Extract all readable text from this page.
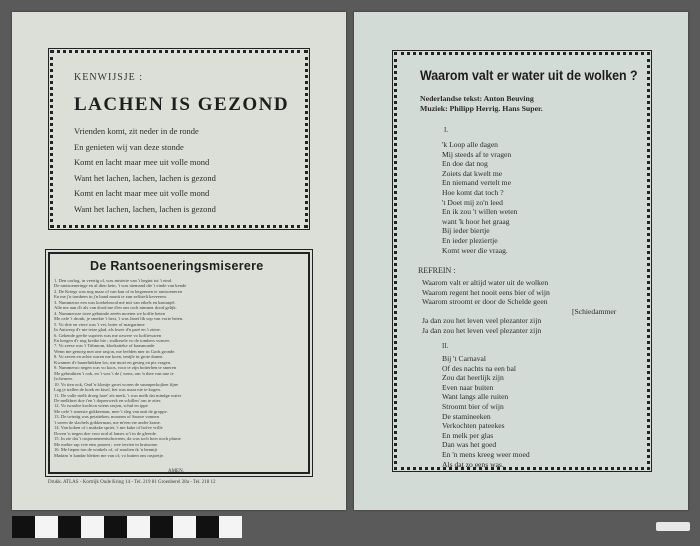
KENWIJSJE :
LACHEN IS GEZOND
Vrienden komt, zit neder in de ronde
En genieten wij van deze stonde
Komt en lacht maar mee uit volle mond
Want het lachen, lachen, lachen is gezond
Komt en lacht maar mee uit volle mond
Want het lachen, lachen, lachen is gezond
De Rantsoeneringsmiserere
1. Den oorlog, in veertig ol, was mistetie van 't begint tot 't eind.
De rantsoeneringe en al dien kein, 't was niemand die 't einde van kende
2. De Kriegs was nog maar ol van kan of m begonnen te rantsoeneren
En me j'n tombees in j'n hand monit te zun zelfstelt keveeren.
3. Nummeroz een was koekebrood mé mit van eikels en kastanjel.
Alle me aan d'r als van dood me d'en ons toch nimmer dood gelijk.
4. Nummeroze twee gebuinde zeeën moeten we koffie heten
Me oefe 't dronk, je smekte 't best, 't was Janet lik sop van vorte heten.
5. Vo drie en viere was 't vet, boter of margarinne
In Antwerp d'r nie teize glad, als kwee d'n paré en 't ziene.
6. Gekende geefte supriets was me ozwere vo koffiewaren
En kregen d'r nog kreike bie ; stafkesele vo de tombers vunvee.
7. Vo zeese was 't Tithmom, kloekatieke of kaasmonde
Wenn me genoeg met one rasjon, me leefden mer in Gods gronde.
8. Vo zeven en achte waren me koen, tenijle in grote dunen
Kwamen d'r haaerlinkken los, me moet en gesteg en pis vragen.
9. Nummeroo negen was vo koos, voor te zijn botterhen te smeren
Me gebruikten 't ook, en 't was 't de ( wens, om 'n thee van nue te
[scheuren.
10. Vo tien ook, Ond 'n klontje groet woren de suumperkojken fijne
Lag je trallen de koek en kisol, het was maar nie te kogen.
11. De vulle melk droeg hare' als merk, 't was melk dat mindge water
De melkbret doe t'en 't doperrwerk en schillen' om te ziter.
12. Vo twaalve kochtcn wiens rasjon, schul en ippe
Me oefe 't smerste gokkerman, mee 't sleg van unit de groppe.
13. De twintig was petatteken, moonen of Sauwe vonnen
't soeen de slachels gokkerman, me m'een ete ander krane.
14. Van koken of t makske spriet, 't me kake of hofve vrille
Doven 'n negen doe voor nod al lames w't in de gleerde.
15. In zie dat 't rasjonnementschoerem, da was toch hoer noch plume
Me mekte rap vrie eins ponent ; wee terrien in brutsome.
16. Me liepen ton de winkels of, of smolten ik 'n hennijt
Madam 'n kandar bletien me van of, vo butten ons rasjoetje.
AMEN.
Drukk. ATLAS - Kortrijk Oude Kring 14 - Tel. 219 81 Groenberel 28a - Tel. 218 12
Waarom valt er water uit de wolken ?
Nederlandse tekst: Anton Beuving
Muziek: Philipp Herrig. Hans Super.
I.
'k Loop alle dagen
Mij steeds af te vragen
En doe dat nog
Zoiets dat kwelt me
En niemand vertelt me
Hoe komt dat toch ?
't Doet mij zo'n leed
En ik zou 't willen weten
want 'k hoor het graag
Bij ieder biertje
En ieder pleziertje
Komt weer die vraag.
REFREIN :
Waarom valt er altijd water uit de wolken
Waarom regent het nooit eens bier of wijn
Waarom stroomt er door de Schelde geen
[Schiedammer
Ja dan zou het leven veel plezanter zijn
Ja dan zou het leven veel plezanter zijn
II.
Bij 't Carnaval
Of des nachts na een bal
Zou dat heerlijk zijn
Even naar buiten
Want langs alle ruiten
Stroomt bier of wijn
De stamineeken
Verkochten pateekes
En melk per glas
Dan was het goed
En 'n mens kreeg weer moed
Als dat zo eens was.
